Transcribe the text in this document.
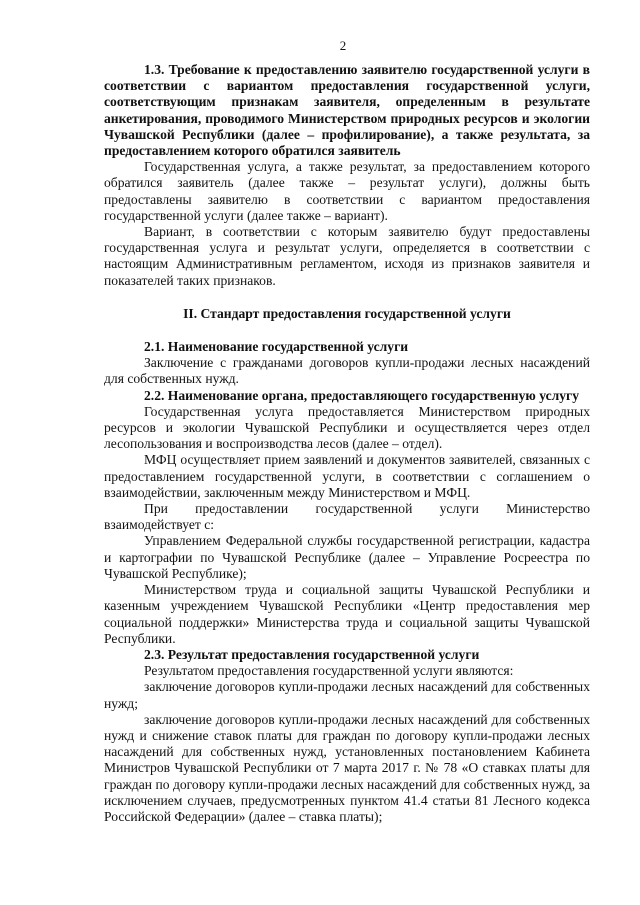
2

1.3. Требование к предоставлению заявителю государственной услуги в соответствии с вариантом предоставления государственной услуги, соответствующим признакам заявителя, определенным в результате анкетирования, проводимого Министерством природных ресурсов и экологии Чувашской Республики (далее – профилирование), а также результата, за предоставлением которого обратился заявитель

Государственная услуга, а также результат, за предоставлением которого обратился заявитель (далее также – результат услуги), должны быть предоставлены заявителю в соответствии с вариантом предоставления государственной услуги (далее также – вариант).

Вариант, в соответствии с которым заявителю будут предоставлены государственная услуга и результат услуги, определяется в соответствии с настоящим Административным регламентом, исходя из признаков заявителя и показателей таких признаков.

II. Стандарт предоставления государственной услуги

2.1. Наименование государственной услуги

Заключение с гражданами договоров купли-продажи лесных насаждений для собственных нужд.

2.2. Наименование органа, предоставляющего государственную услугу

Государственная услуга предоставляется Министерством природных ресурсов и экологии Чувашской Республики и осуществляется через отдел лесопользования и воспроизводства лесов (далее – отдел).

МФЦ осуществляет прием заявлений и документов заявителей, связанных с предоставлением государственной услуги, в соответствии с соглашением о взаимодействии, заключенным между Министерством и МФЦ.

При предоставлении государственной услуги Министерство взаимодействует с:

Управлением Федеральной службы государственной регистрации, кадастра и картографии по Чувашской Республике (далее – Управление Росреестра по Чувашской Республике);

Министерством труда и социальной защиты Чувашской Республики и казенным учреждением Чувашской Республики «Центр предоставления мер социальной поддержки» Министерства труда и социальной защиты Чувашской Республики.

2.3. Результат предоставления государственной услуги

Результатом предоставления государственной услуги являются:

заключение договоров купли-продажи лесных насаждений для собственных нужд;

заключение договоров купли-продажи лесных насаждений для собственных нужд и снижение ставок платы для граждан по договору купли-продажи лесных насаждений для собственных нужд, установленных постановлением Кабинета Министров Чувашской Республики от 7 марта 2017 г. № 78 «О ставках платы для граждан по договору купли-продажи лесных насаждений для собственных нужд, за исключением случаев, предусмотренных пунктом 41.4 статьи 81 Лесного кодекса Российской Федерации» (далее – ставка платы);
